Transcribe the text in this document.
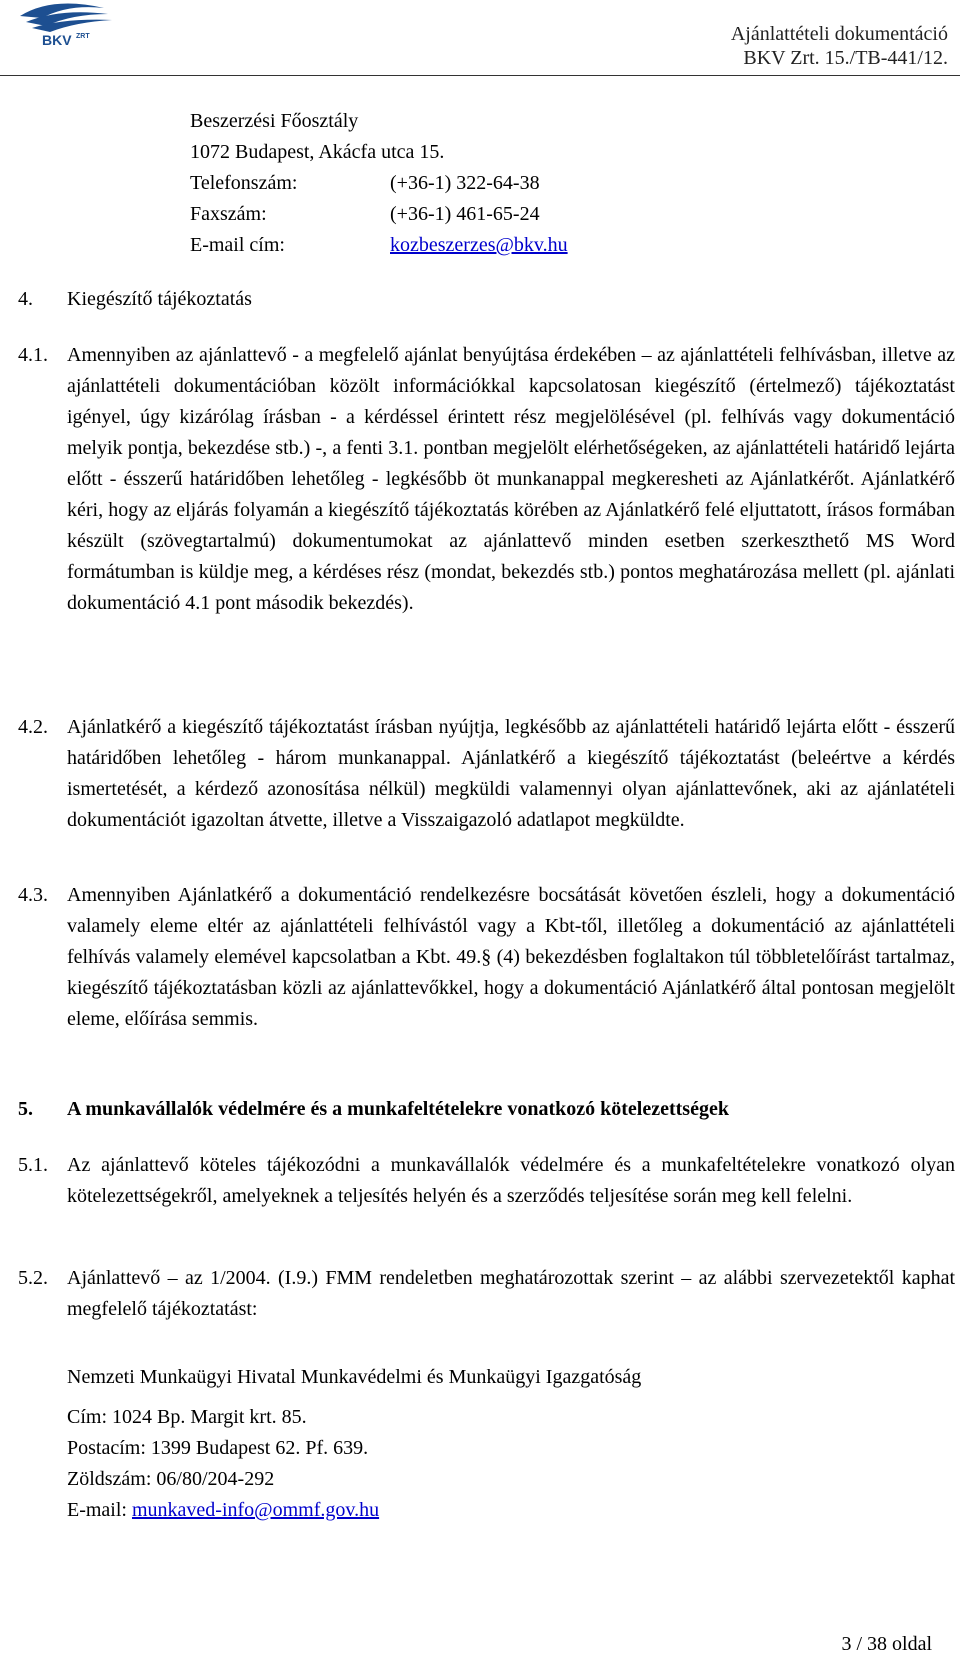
BKV ZRT	Ajánlattételi dokumentáció
BKV Zrt. 15./TB-441/12.
Beszerzési Főosztály
1072 Budapest, Akácfa utca 15.
Telefonszám:	(+36-1) 322-64-38
Faxszám:	(+36-1) 461-65-24
E-mail cím:	kozbeszerzes@bkv.hu
4. Kiegészítő tájékoztatás
4.1. Amennyiben az ajánlattevő - a megfelelő ajánlat benyújtása érdekében – az ajánlattételi felhívásban, illetve az ajánlattételi dokumentációban közölt információkkal kapcsolatosan kiegészítő (értelmező) tájékoztatást igényel, úgy kizárólag írásban - a kérdéssel érintett rész megjelölésével (pl. felhívás vagy dokumentáció melyik pontja, bekezdése stb.) -, a fenti 3.1. pontban megjelölt elérhetőségeken, az ajánlattételi határidő lejárta előtt - ésszerű határidőben lehetőleg - legkésőbb öt munkanappal megkeresheti az Ajánlatkérőt. Ajánlatkérő kéri, hogy az eljárás folyamán a kiegészítő tájékoztatás körében az Ajánlatkérő felé eljuttatott, írásos formában készült (szövegtartalmú) dokumentumokat az ajánlattevő minden esetben szerkeszthető MS Word formátumban is küldje meg, a kérdéses rész (mondat, bekezdés stb.) pontos meghatározása mellett (pl. ajánlati dokumentáció 4.1 pont második bekezdés).
4.2. Ajánlatkérő a kiegészítő tájékoztatást írásban nyújtja, legkésőbb az ajánlattételi határidő lejárta előtt - ésszerű határidőben lehetőleg - három munkanappal. Ajánlatkérő a kiegészítő tájékoztatást (beleértve a kérdés ismertetését, a kérdező azonosítása nélkül) megküldi valamennyi olyan ajánlattevőnek, aki az ajánlatételi dokumentációt igazoltan átvette, illetve a Visszaigazoló adatlapot megküldte.
4.3. Amennyiben Ajánlatkérő a dokumentáció rendelkezésre bocsátását követően észleli, hogy a dokumentáció valamely eleme eltér az ajánlattételi felhívástól vagy a Kbt-től, illetőleg a dokumentáció az ajánlattételi felhívás valamely elemével kapcsolatban a Kbt. 49.§ (4) bekezdésben foglaltakon túl többletelőírást tartalmaz, kiegészítő tájékoztatásban közli az ajánlattevőkkel, hogy a dokumentáció Ajánlatkérő által pontosan megjelölt eleme, előírása semmis.
5. A munkavállalók védelmére és a munkafeltételekre vonatkozó kötelezettségek
5.1. Az ajánlattevő köteles tájékozódni a munkavállalók védelmére és a munkafeltételekre vonatkozó olyan kötelezettségekről, amelyeknek a teljesítés helyén és a szerződés teljesítése során meg kell felelni.
5.2. Ajánlattevő – az 1/2004. (I.9.) FMM rendeletben meghatározottak szerint – az alábbi szervezetektől kaphat megfelelő tájékoztatást:
Nemzeti Munkaügyi Hivatal Munkavédelmi és Munkaügyi Igazgatóság
Cím: 1024 Bp. Margit krt. 85.
Postacím: 1399 Budapest 62. Pf. 639.
Zöldszám: 06/80/204-292
E-mail: munkaved-info@ommf.gov.hu
3 / 38 oldal
